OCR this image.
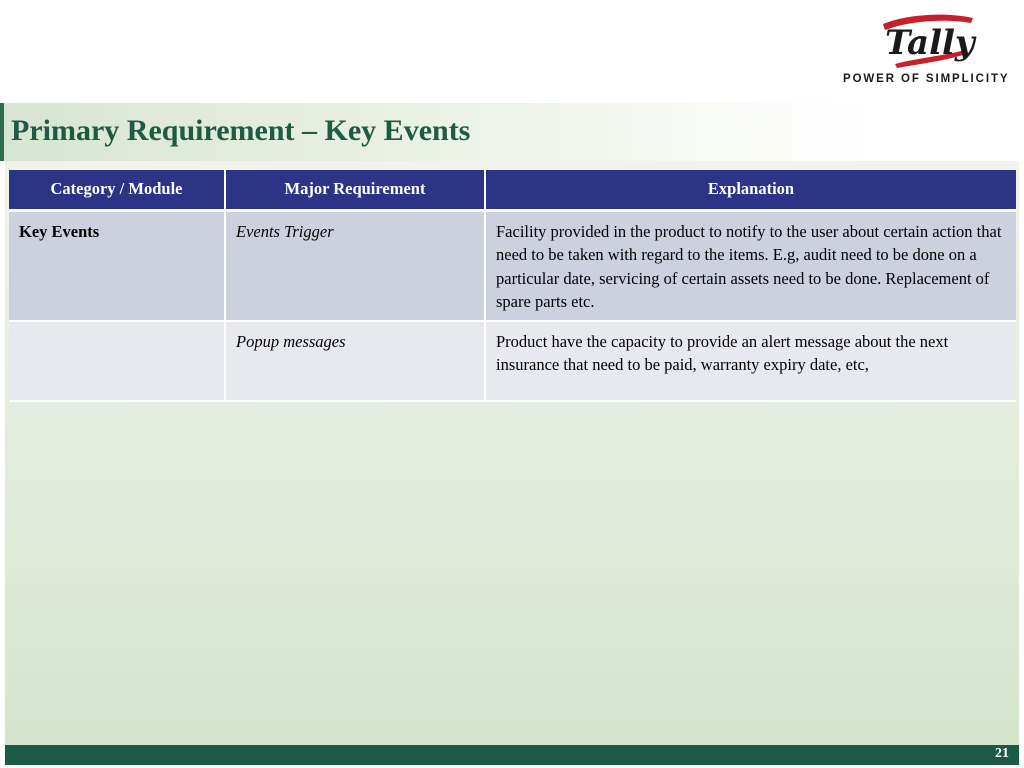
Primary Requirement – Key Events
Tally
POWER OF SIMPLICITY
Category / Module	Major Requirement	Explanation
Key Events	Events Trigger	Facility provided in the product to notify to the user about certain action that need to be taken with regard to the items. E.g, audit need to be done on a particular date, servicing of certain assets need to be done. Replacement of spare parts etc.
	Popup messages	Product have the capacity to provide an alert message about the next insurance that need to be paid, warranty expiry date, etc,
21
